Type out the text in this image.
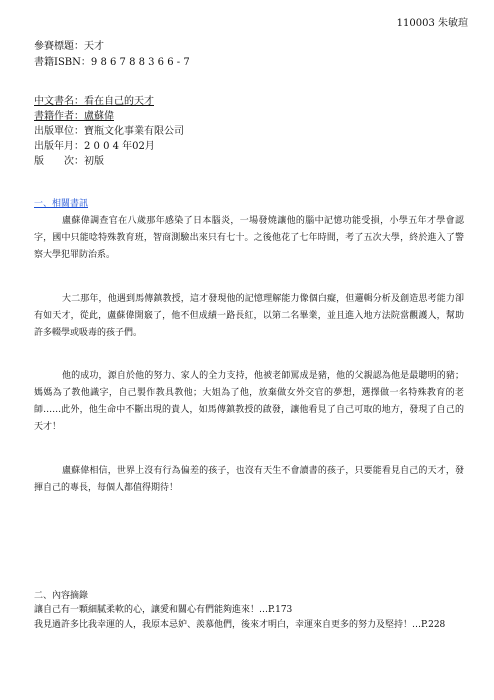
110003 朱敏瑄
參賽標題：天才
書籍ISBN：9 8 6 7 8 8 3 6 6 - 7
中文書名：看在自己的天才
書籍作者：盧蘇偉
出版單位：寶瓶文化事業有限公司
出版年月：2 0 0 4 年02月
版　　次：初版
一、相關書訊

盧蘇偉調查官在八歲那年感染了日本腦炎，一場發燒讓他的腦中記憶功能受損，小學五年才學會認字，國中只能唸特殊教育班，智商測驗出來只有七十。之後他花了七年時間，考了五次大學，終於進入了警察大學犯罪防治系。

大二那年，他遇到馬傳鎮教授，這才發現他的記憶理解能力像個白癡，但邏輯分析及創造思考能力卻有如天才，從此，盧蘇偉開竅了，他不但成績一路長紅，以第二名畢業，並且進入地方法院當觀護人，幫助許多輟學或吸毒的孩子們。

他的成功，源自於他的努力、家人的全力支持，他被老師罵成是豬，他的父親認為他是最聰明的豬；媽媽為了教他識字，自己製作教具教他；大姐為了他，放棄做女外交官的夢想，選擇做一名特殊教育的老師……此外，他生命中不斷出現的貴人，如馬傳鎮教授的啟發，讓他看見了自己可取的地方，發現了自己的天才！

盧蘇偉相信，世界上沒有行為偏差的孩子，也沒有天生不會讀書的孩子，只要能看見自己的天才，發揮自己的專長，每個人都值得期待！

二、內容摘錄
讓自己有一顆細膩柔軟的心，讓愛和關心有們能夠進來！…P.173
我見過許多比我幸運的人，我原本忌妒、羨慕他們，後來才明白，幸運來自更多的努力及堅持！…P.228
